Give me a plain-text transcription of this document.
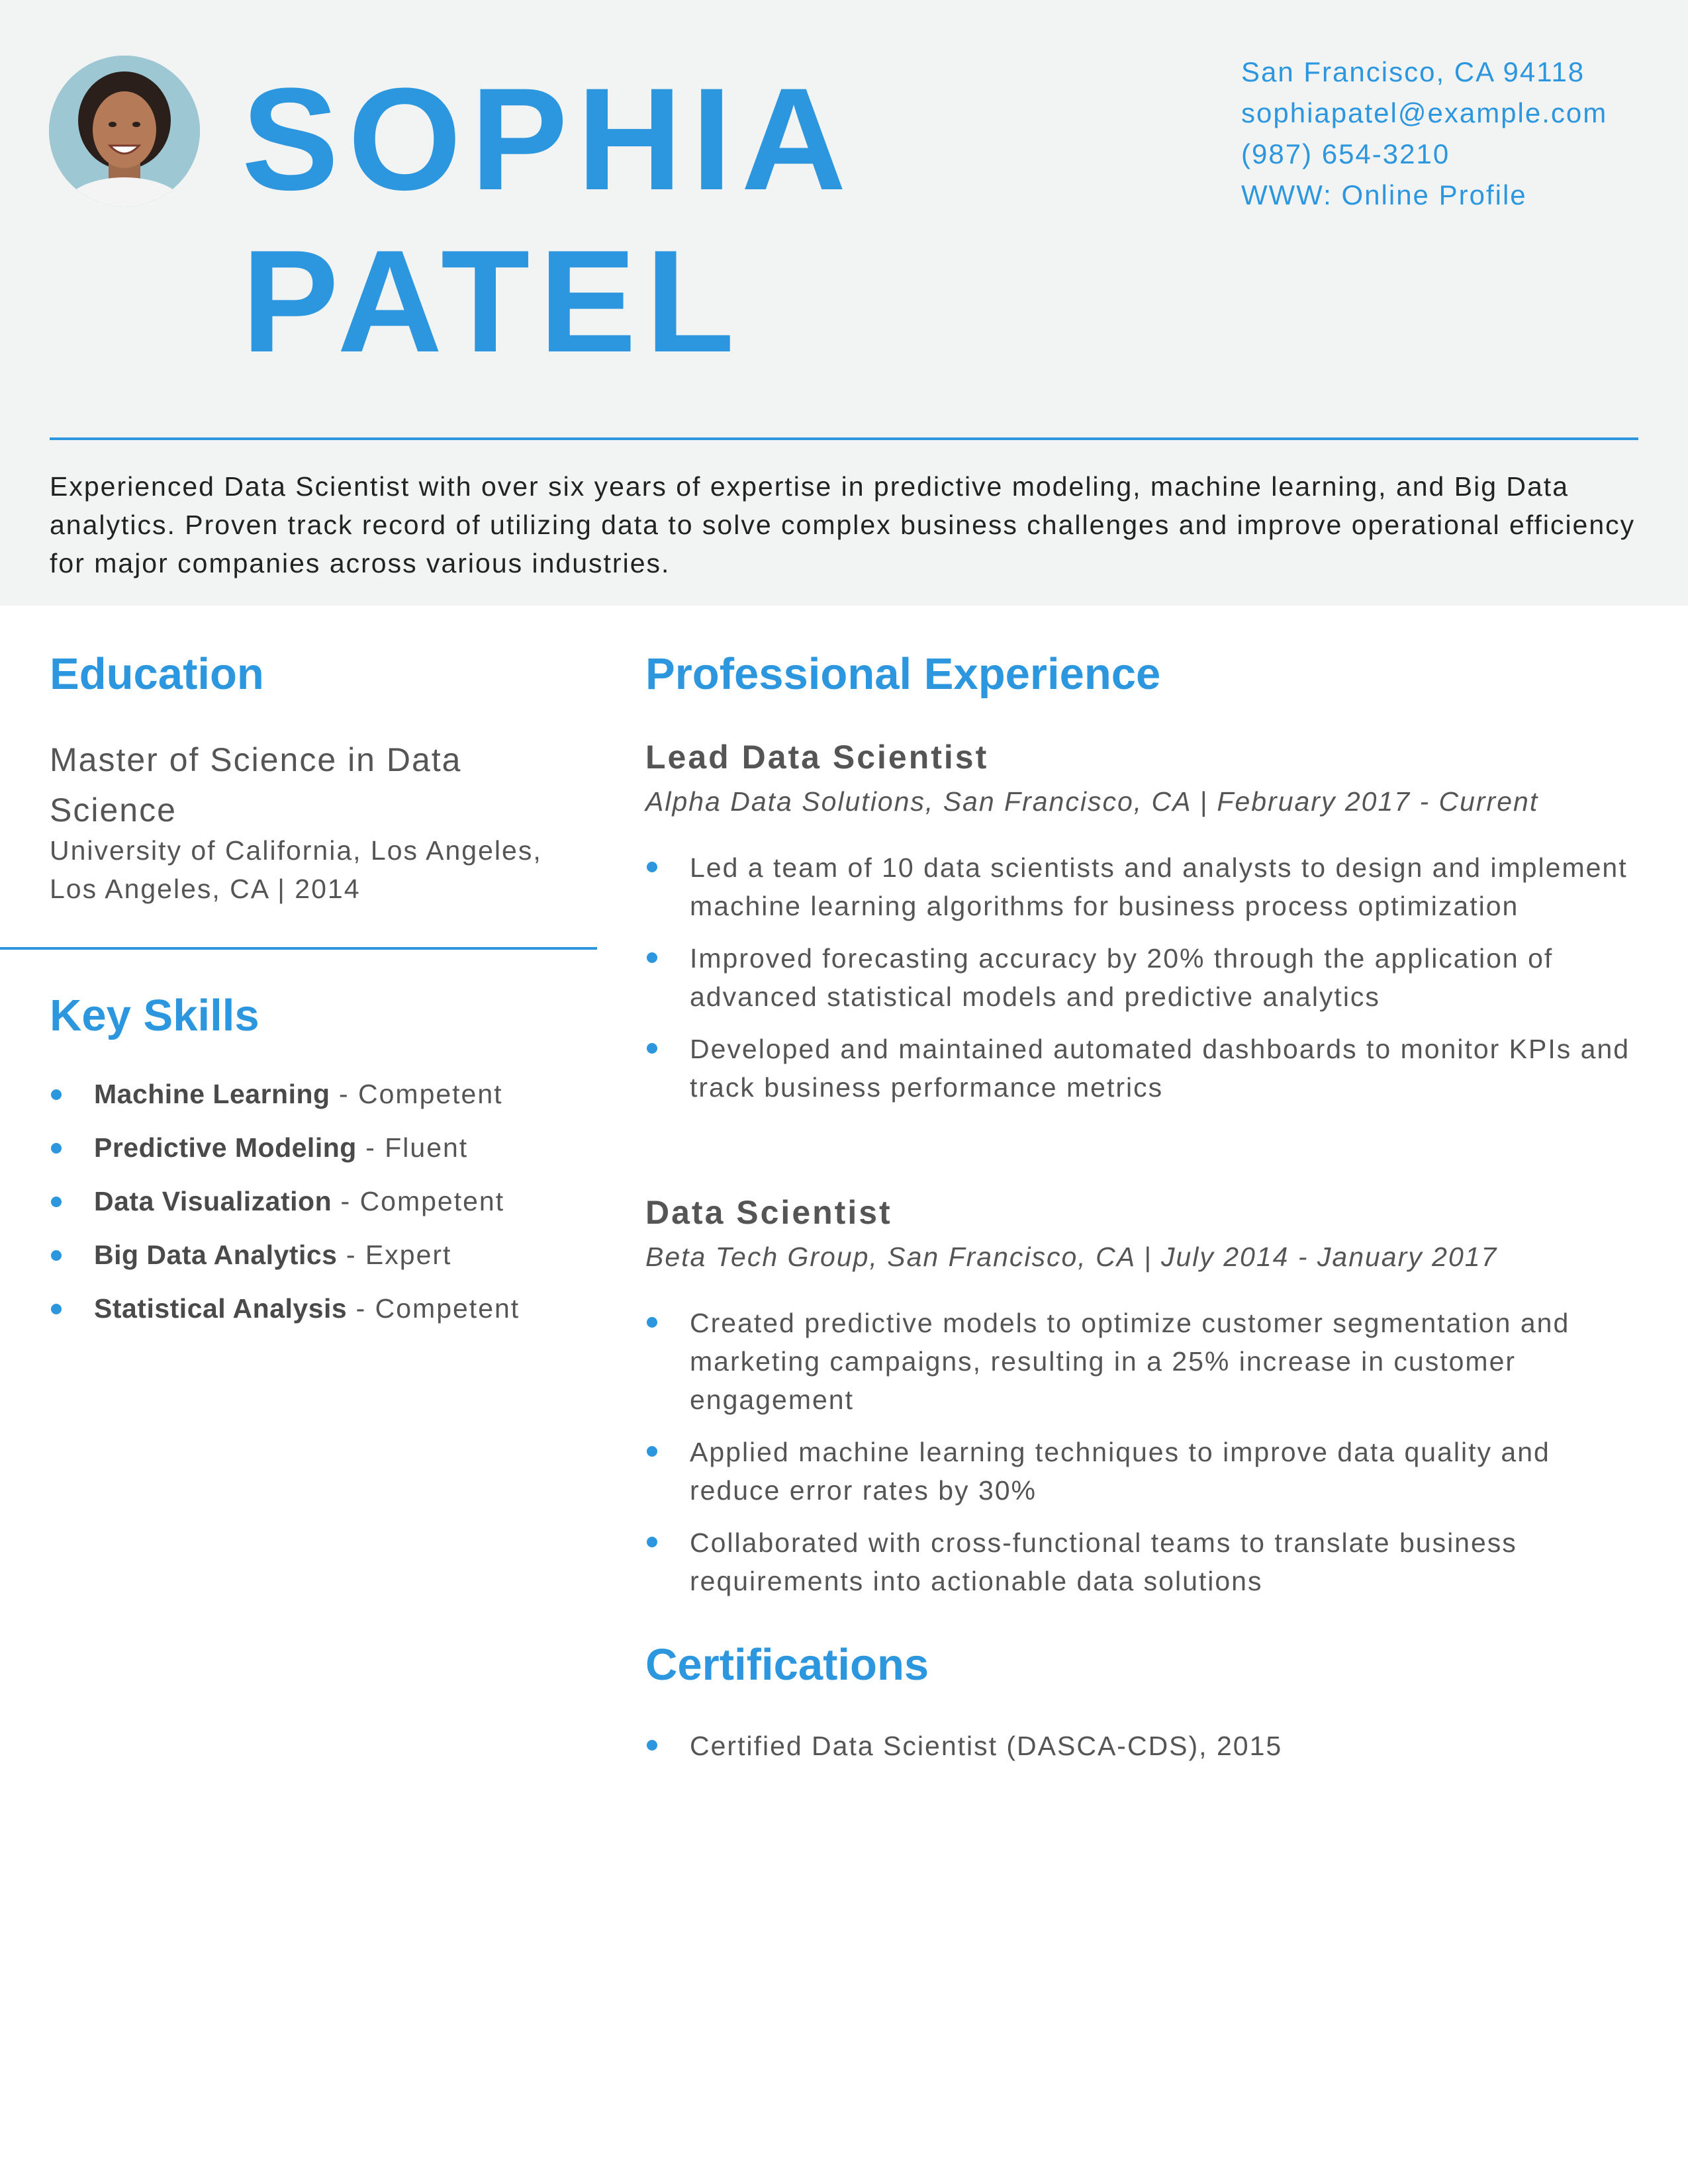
SOPHIA
PATEL
San Francisco, CA 94118
sophiapatel@example.com
(987) 654-3210
WWW: Online Profile

Experienced Data Scientist with over six years of expertise in predictive modeling, machine learning, and Big Data analytics. Proven track record of utilizing data to solve complex business challenges and improve operational efficiency for major companies across various industries.

Education
Master of Science in Data Science
University of California, Los Angeles, Los Angeles, CA | 2014
Key Skills
Machine Learning - Competent
Predictive Modeling - Fluent
Data Visualization - Competent
Big Data Analytics - Expert
Statistical Analysis - Competent
Professional Experience
Lead Data Scientist
Alpha Data Solutions, San Francisco, CA | February 2017 - Current
Led a team of 10 data scientists and analysts to design and implement machine learning algorithms for business process optimization
Improved forecasting accuracy by 20% through the application of advanced statistical models and predictive analytics
Developed and maintained automated dashboards to monitor KPIs and track business performance metrics
Data Scientist
Beta Tech Group, San Francisco, CA | July 2014 - January 2017
Created predictive models to optimize customer segmentation and marketing campaigns, resulting in a 25% increase in customer engagement
Applied machine learning techniques to improve data quality and reduce error rates by 30%
Collaborated with cross-functional teams to translate business requirements into actionable data solutions
Certifications
Certified Data Scientist (DASCA-CDS), 2015
